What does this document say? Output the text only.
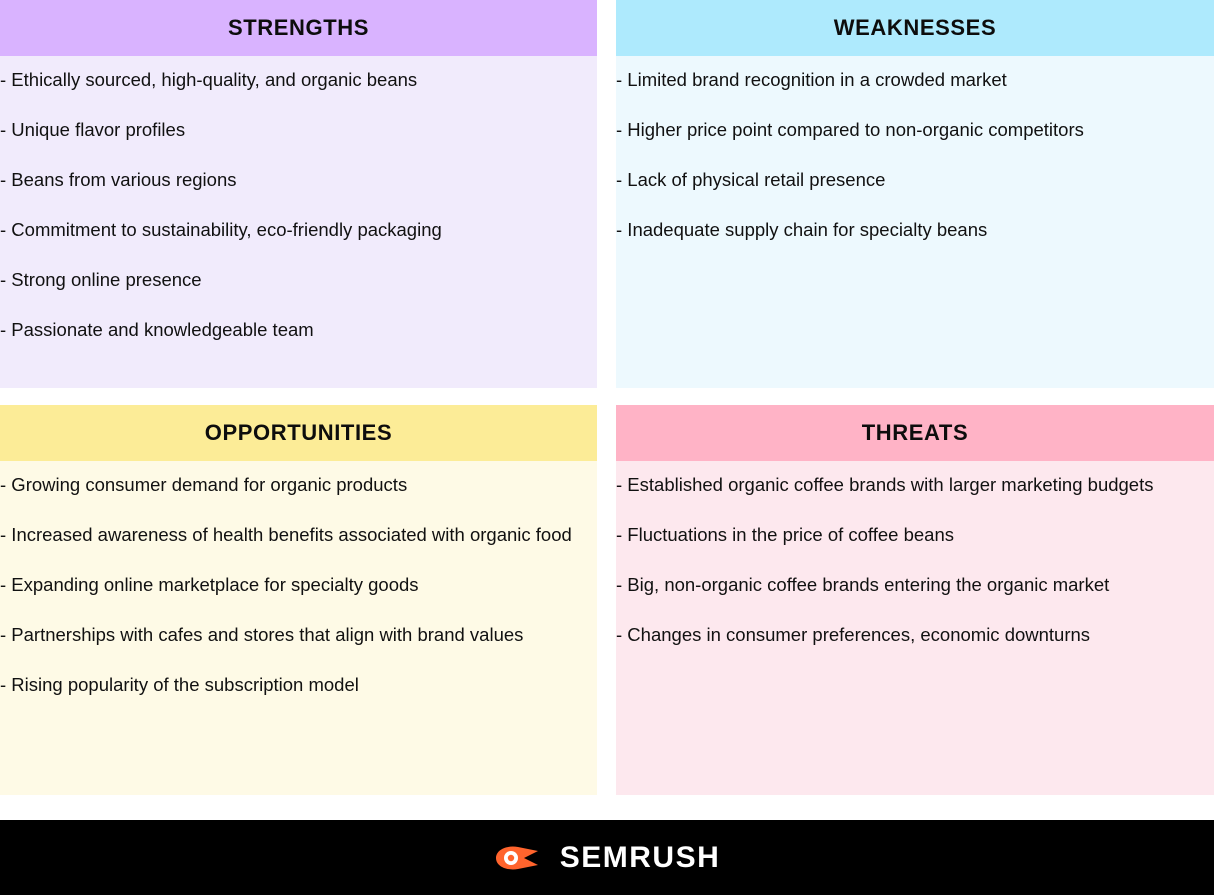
STRENGTHS

- Ethically sourced, high-quality, and organic beans

- Unique flavor profiles

- Beans from various regions

- Commitment to sustainability, eco-friendly packaging

- Strong online presence

- Passionate and knowledgeable team

WEAKNESSES

- Limited brand recognition in a crowded market

- Higher price point compared to non-organic competitors

- Lack of physical retail presence

- Inadequate supply chain for specialty beans

OPPORTUNITIES

- Growing consumer demand for organic products

- Increased awareness of health benefits associated with organic food

- Expanding online marketplace for specialty goods

- Partnerships with cafes and stores that align with brand values

- Rising popularity of the subscription model

THREATS

- Established organic coffee brands with larger marketing budgets

- Fluctuations in the price of coffee beans

- Big, non-organic coffee brands entering the organic market

- Changes in consumer preferences, economic downturns

SEMRUSH
